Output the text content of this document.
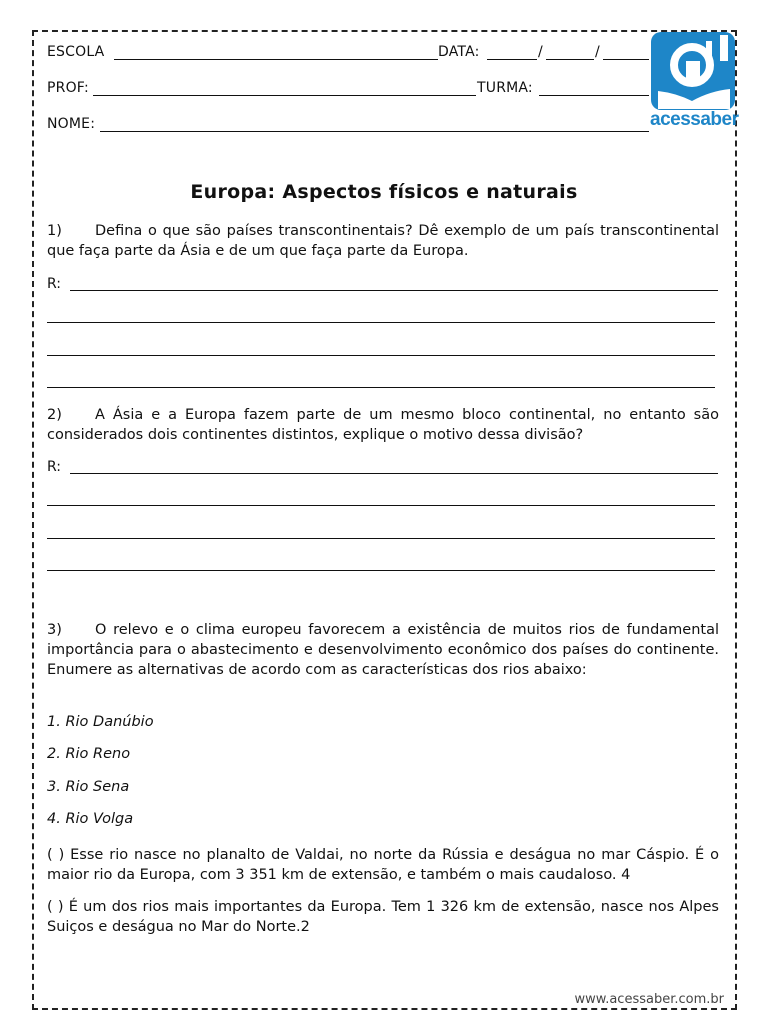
ESCOLA	DATA:	/	/
PROF:	TURMA:
NOME:	acessaber
Europa: Aspectos físicos e naturais
1) Defina o que são países transcontinentais? Dê exemplo de um país transcontinental que faça parte da Ásia e de um que faça parte da Europa.
R:
2) A Ásia e a Europa fazem parte de um mesmo bloco continental, no entanto são considerados dois continentes distintos, explique o motivo dessa divisão?
R:
3) O relevo e o clima europeu favorecem a existência de muitos rios de fundamental importância para o abastecimento e desenvolvimento econômico dos países do continente. Enumere as alternativas de acordo com as características dos rios abaixo:
1. Rio Danúbio
2. Rio Reno
3. Rio Sena
4. Rio Volga
( ) Esse rio nasce no planalto de Valdai, no norte da Rússia e deságua no mar Cáspio. É o maior rio da Europa, com 3 351 km de extensão, e também o mais caudaloso. 4
( ) É um dos rios mais importantes da Europa. Tem 1 326 km de extensão, nasce nos Alpes Suiços e deságua no Mar do Norte.2
www.acessaber.com.br
